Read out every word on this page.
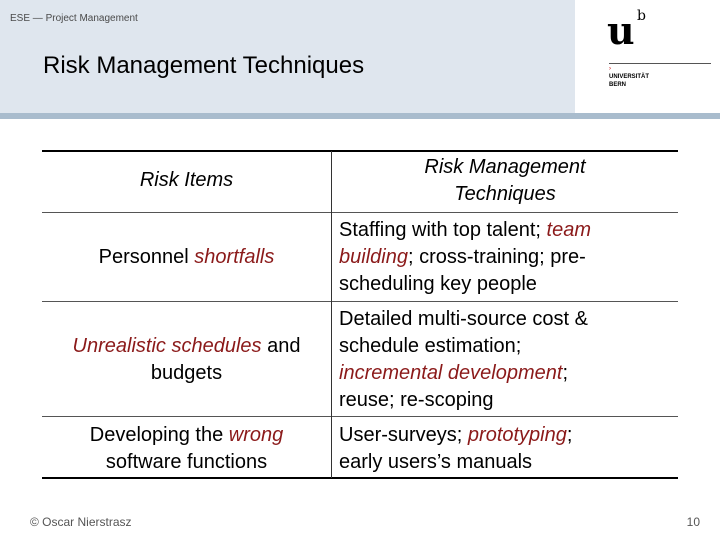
ESE — Project Management
Risk Management Techniques
u b
›
UNIVERSITÄT
BERN
Risk Items
Risk Management
Techniques
Personnel shortfalls
Staffing with top talent; team
building; cross-training; pre-
scheduling key people
Unrealistic schedules and
budgets
Detailed multi-source cost &
schedule estimation;
incremental development;
reuse; re-scoping
Developing the wrong
software functions
User-surveys; prototyping;
early users’s manuals
© Oscar Nierstrasz	10
